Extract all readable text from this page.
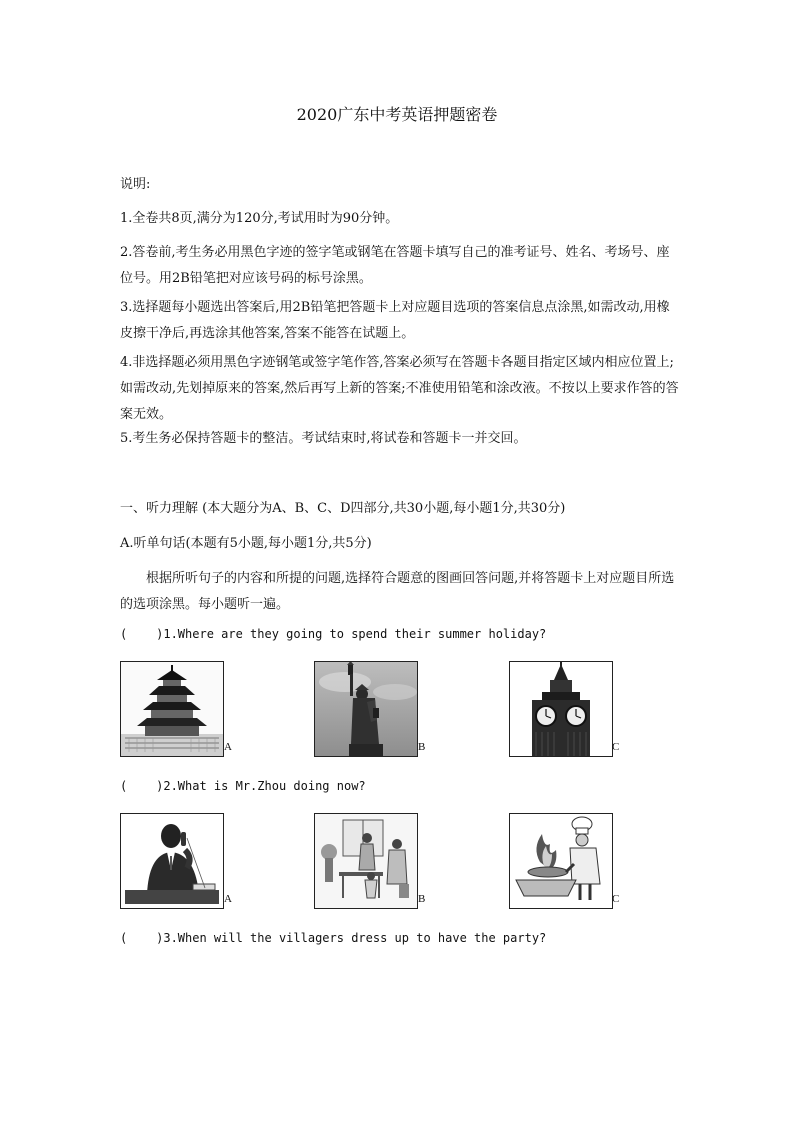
2020广东中考英语押题密卷
说明:
1.全卷共8页,满分为120分,考试用时为90分钟。
2.答卷前,考生务必用黑色字迹的签字笔或钢笔在答题卡填写自己的准考证号、姓名、考场号、座位号。用2B铅笔把对应该号码的标号涂黑。
3.选择题每小题选出答案后,用2B铅笔把答题卡上对应题目选项的答案信息点涂黑,如需改动,用橡皮擦干净后,再选涂其他答案,答案不能答在试题上。
4.非选择题必须用黑色字迹钢笔或签字笔作答,答案必须写在答题卡各题目指定区域内相应位置上;如需改动,先划掉原来的答案,然后再写上新的答案;不准使用铅笔和涂改液。不按以上要求作答的答案无效。
5.考生务必保持答题卡的整洁。考试结束时,将试卷和答题卡一并交回。
一、听力理解 (本大题分为A、B、C、D四部分,共30小题,每小题1分,共30分)
A.听单句话(本题有5小题,每小题1分,共5分)
根据所听句子的内容和所提的问题,选择符合题意的图画回答问题,并将答题卡上对应题目所选的选项涂黑。每小题听一遍。
(    )1.Where are they going to spend their summer holiday?
A	B	C
(    )2.What is Mr.Zhou doing now?
A	B	C
(    )3.When will the villagers dress up to have the party?
